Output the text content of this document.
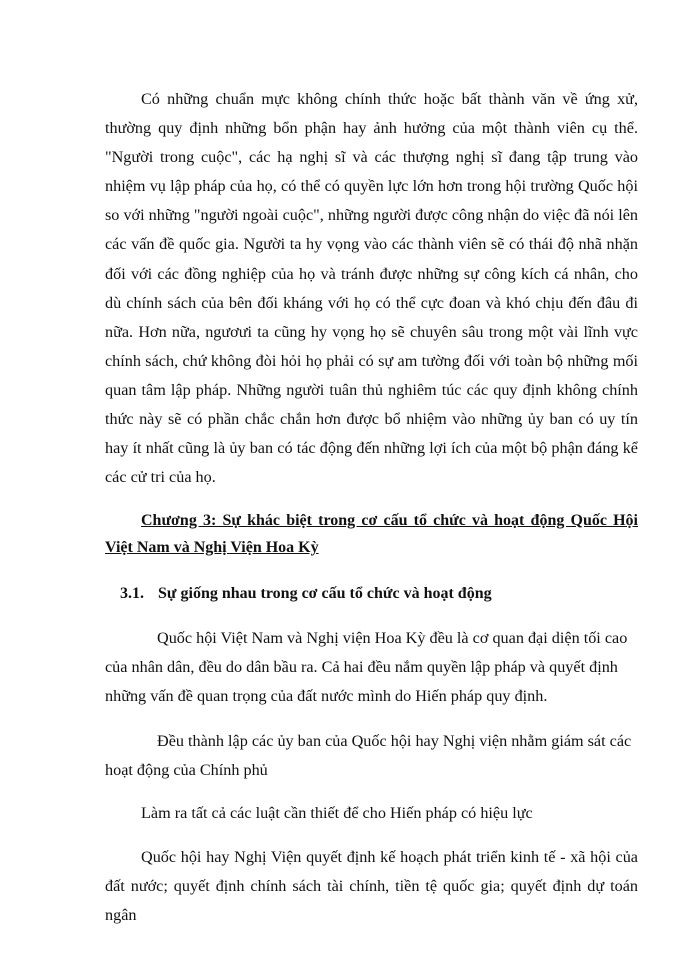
Có những chuẩn mực không chính thức hoặc bất thành văn về ứng xử, thường quy định những bổn phận hay ảnh hưởng của một thành viên cụ thể. "Người trong cuộc", các hạ nghị sĩ và các thượng nghị sĩ đang tập trung vào nhiệm vụ lập pháp của họ, có thể có quyền lực lớn hơn trong hội trường Quốc hội so với những "người ngoài cuộc", những người được công nhận do việc đã nói lên các vấn đề quốc gia. Người ta hy vọng vào các thành viên sẽ có thái độ nhã nhặn đối với các đồng nghiệp của họ và tránh được những sự công kích cá nhân, cho dù chính sách của bên đối kháng với họ có thể cực đoan và khó chịu đến đâu đi nữa. Hơn nữa, ngươưi ta cũng hy vọng họ sẽ chuyên sâu trong một vài lĩnh vực chính sách, chứ không đòi hỏi họ phải có sự am tường đối với toàn bộ những mối quan tâm lập pháp. Những người tuân thủ nghiêm túc các quy định không chính thức này sẽ có phần chắc chắn hơn được bổ nhiệm vào những ủy ban có uy tín hay ít nhất cũng là ủy ban có tác động đến những lợi ích của một bộ phận đáng kể các cử tri của họ.

Chương 3: Sự khác biệt trong cơ cấu tổ chức và hoạt động Quốc Hội Việt Nam và Nghị Viện Hoa Kỳ

3.1. Sự giống nhau trong cơ cấu tổ chức và hoạt động

Quốc hội Việt Nam và Nghị viện Hoa Kỳ đều là cơ quan đại diện tối cao của nhân dân, đều do dân bầu ra. Cả hai đều nắm quyền lập pháp và quyết định những vấn đề quan trọng của đất nước mình do Hiến pháp quy định.

Đều thành lập các ủy ban của Quốc hội hay Nghị viện nhằm giám sát các hoạt động của Chính phủ

Làm ra tất cả các luật cần thiết để cho Hiến pháp có hiệu lực

Quốc hội hay Nghị Viện quyết định kế hoạch phát triển kinh tế - xã hội của đất nước; quyết định chính sách tài chính, tiền tệ quốc gia; quyết định dự toán ngân
